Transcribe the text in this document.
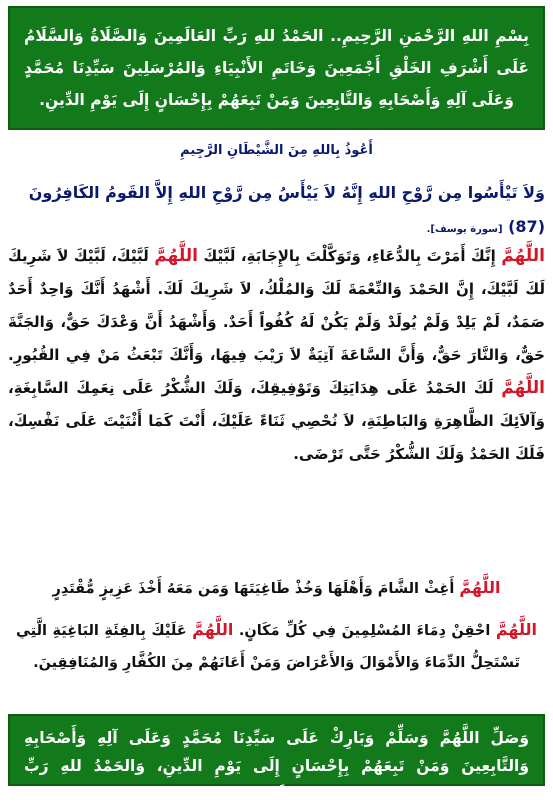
بِسْمِ اللهِ الرَّحْمَنِ الرَّحِيمِ.. الحَمْدُ للهِ رَبِّ العَالَمِينَ وَالصَّلَاةُ وَالسَّلَامُ عَلَى أَشْرَفِ الخَلْقِ أَجْمَعِينَ وَخَاتَمِ الأَنْبِيَاءِ وَالمُرْسَلِينَ سَيِّدِنَا مُحَمَّدٍ وَعَلَى آلِهِ وَأَصْحَابِهِ وَالتَّابِعِينَ وَمَنْ تَبِعَهُمْ بِإِحْسَانٍ إِلَى يَوْمِ الدِّينِ.
أَعُوذُ بِاللهِ مِنَ الشَّيْطَانِ الرَّجِيمِ
وَلاَ تَيْأَسُوا مِن رَّوْحِ اللهِ إِنَّهُ لاَ يَيْأَسُ مِن رَّوْحِ اللهِ إِلاَّ القَومُ الكَافِرُونَ (87) [سورة يوسف].
اللَّهُمَّ إِنَّكَ أَمَرْتَ بِالدُّعَاءِ، وَتَوَكَّلْتَ بِالإِجَابَةِ، لَبَّيْكَ اللَّهُمَّ لَبَّيْكَ، لَبَّيْكَ لاَ شَرِيكَ لَكَ لَبَّيْكَ، إِنَّ الحَمْدَ وَالنِّعْمَةَ لَكَ وَالمُلْكُ، لاَ شَرِيكَ لَكَ. أَشْهَدُ أَنَّكَ وَاحِدٌ أَحَدٌ صَمَدٌ، لَمْ يَلِدْ وَلَمْ يُولَدْ وَلَمْ يَكُنْ لَهُ كُفُواً أَحَدٌ. وَأَشْهَدُ أَنَّ وَعْدَكَ حَقٌّ، وَالجَنَّةَ حَقٌّ، وَالنَّارَ حَقٌّ، وَأَنَّ السَّاعَةَ آتِيَةٌ لاَ رَيْبَ فِيهَا، وَأَنَّكَ تَبْعَثُ مَنْ فِي القُبُورِ. اللَّهُمَّ لَكَ الحَمْدُ عَلَى هِدَايَتِكَ وَتَوْفِيقِكَ، وَلَكَ الشُّكْرُ عَلَى نِعَمِكَ السَّابِغَةِ، وَآلاَئِكَ الظَّاهِرَةِ وَالبَاطِنَةِ، لاَ نُحْصِي ثَنَاءً عَلَيْكَ، أَنْتَ كَمَا أَثْنَيْتَ عَلَى نَفْسِكَ، فَلَكَ الحَمْدُ وَلَكَ الشُّكْرُ حَتَّى تَرْضَى.
اللَّهُمَّ أَغِثْ الشَّامَ وَأَهْلَهَا وَخُذْ طَاغِيَتَهَا وَمَن مَعَهُ أَخْذَ عَزِيزٍ مُّقْتَدِرٍ
اللَّهُمَّ احْقِنْ دِمَاءَ المُسْلِمِينَ فِي كُلِّ مَكَانٍ. اللَّهُمَّ عَلَيْكَ بِالفِئَةِ البَاغِيَةِ الَّتِي تَسْتَحِلُّ الدِّمَاءَ وَالأَمْوَالَ وَالأَعْرَاضَ وَمَنْ أَعَانَهُمْ مِنَ الكُفَّارِ وَالمُنَافِقِينَ.
وَصَلِّ اللَّهُمَّ وَسَلِّمْ وَبَارِكْ عَلَى سَيِّدِنَا مُحَمَّدٍ وَعَلَى آلِهِ وَأَصْحَابِهِ وَالتَّابِعِينَ وَمَنْ تَبِعَهُمْ بِإِحْسَانٍ إِلَى يَوْمِ الدِّينِ، وَالحَمْدُ للهِ رَبِّ العَالَمِينَ.
